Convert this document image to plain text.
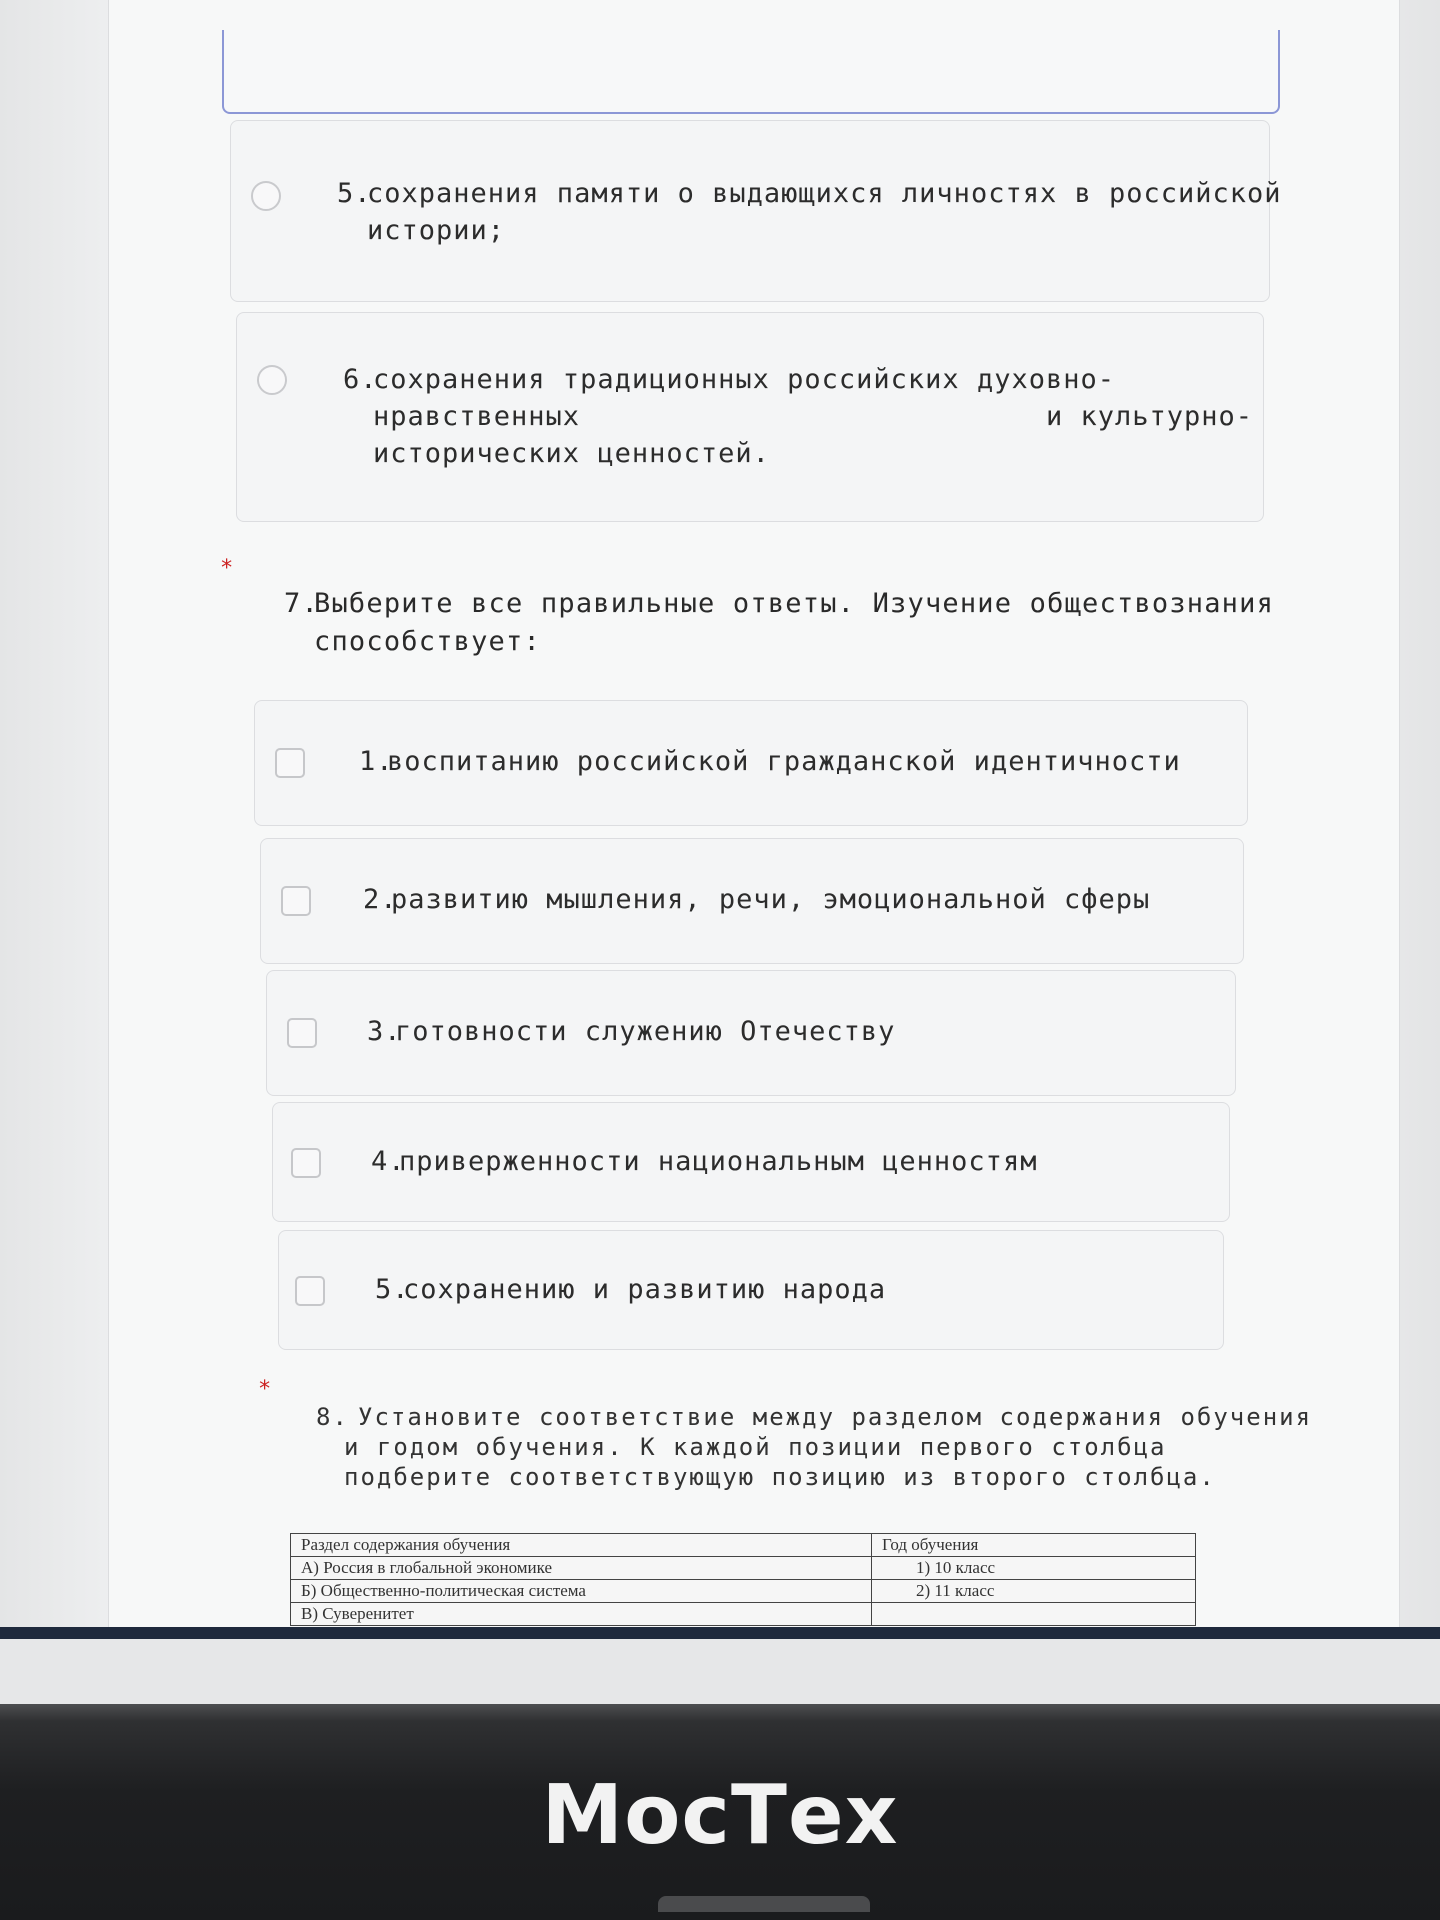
5.
сохранения памяти о выдающихся личностях в российской
истории;
6.
сохранения традиционных российских духовно-
нравственных                           и культурно-
исторических ценностей.
*
7.
Выберите все правильные ответы. Изучение обществознания
способствует:
1.
воспитанию российской гражданской идентичности
2.
развитию мышления, речи, эмоциональной сферы
3.
готовности служению Отечеству
4.
приверженности национальным ценностям
5.
сохранению и развитию народа
*
8. Установите соответствие между разделом содержания обучения
и годом обучения. К каждой позиции первого столбца
подберите соответствующую позицию из второго столбца.
Раздел содержания обучения	Год обучения
А) Россия в глобальной экономике	1) 10 класс
Б) Общественно-политическая система	2) 11 класс
В) Суверенитет	
МосТех
